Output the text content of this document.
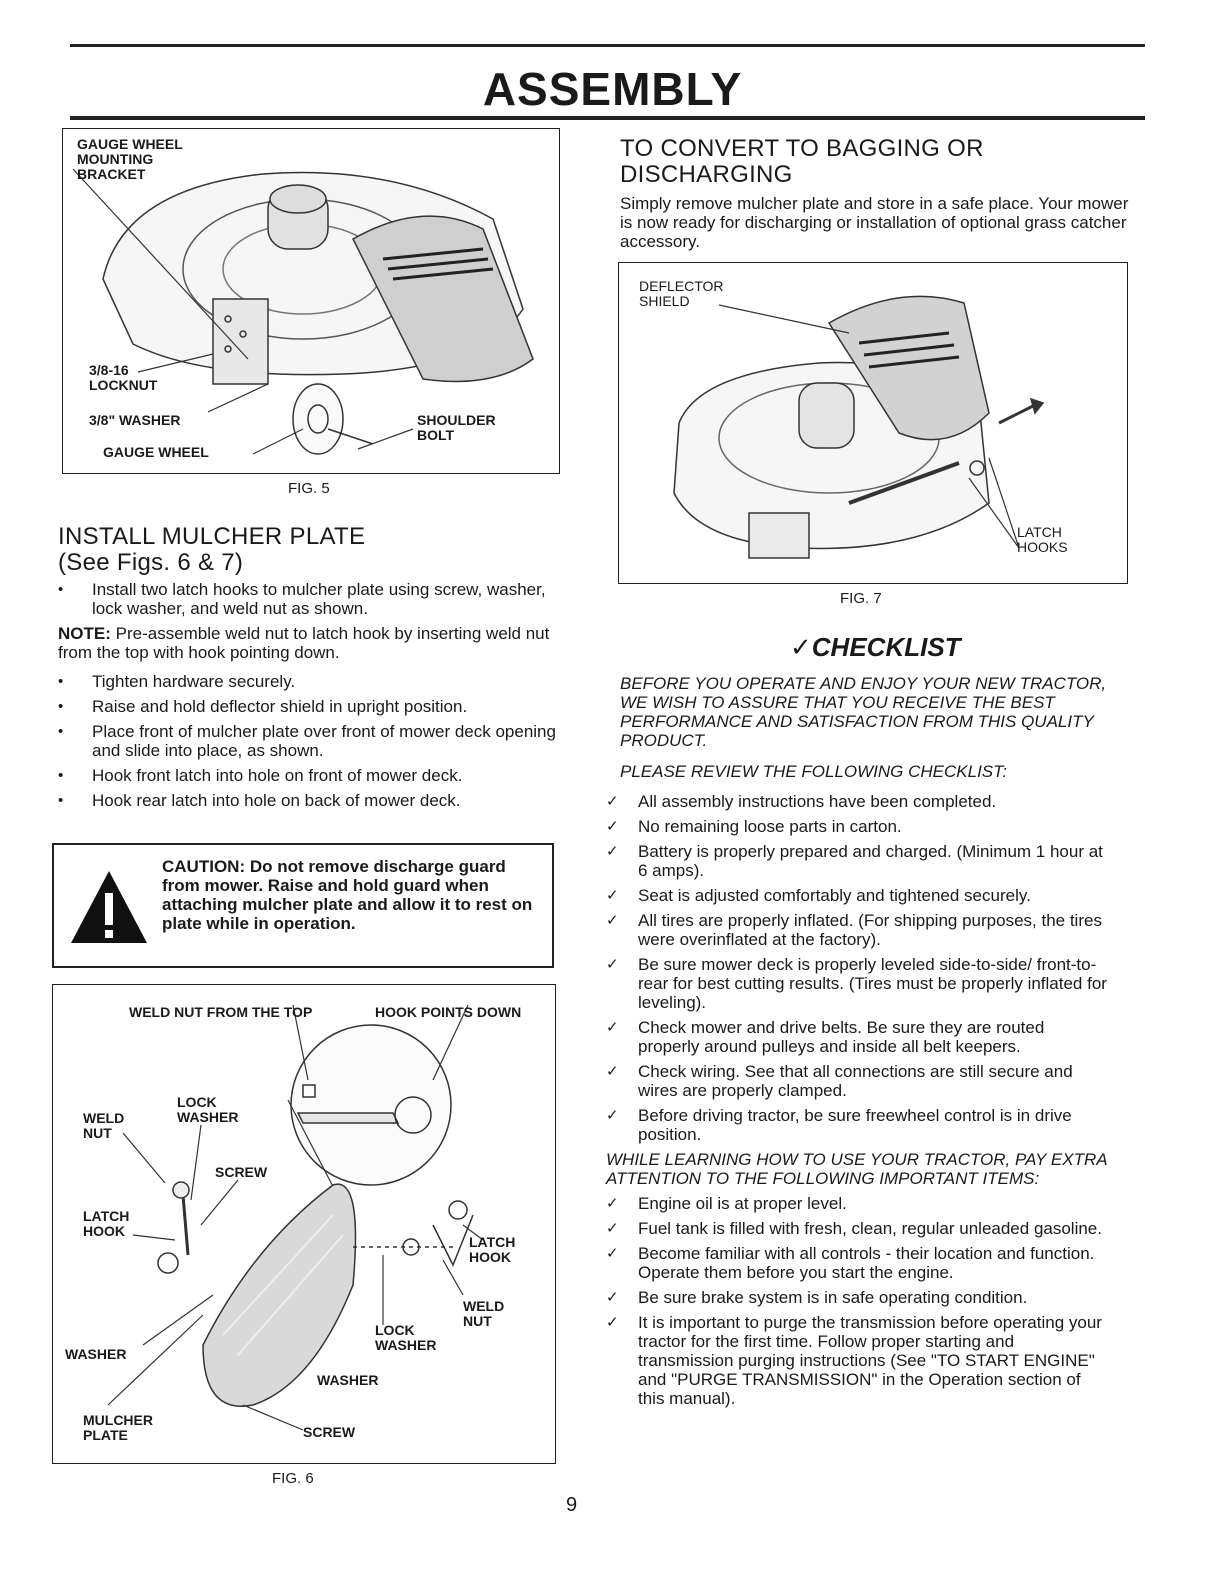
ASSEMBLY
GAUGE WHEEL MOUNTING BRACKET
3/8-16 LOCKNUT
3/8" WASHER
GAUGE WHEEL
SHOULDER BOLT
FIG. 5
INSTALL MULCHER PLATE
(See Figs. 6 & 7)
• Install two latch hooks to mulcher plate using screw, washer, lock washer, and weld nut as shown.
NOTE: Pre-assemble weld nut to latch hook by inserting weld nut from the top with hook pointing down.
• Tighten hardware securely.
• Raise and hold deflector shield in upright position.
• Place front of mulcher plate over front of mower deck opening and slide into place, as shown.
• Hook front latch into hole on front of mower deck.
• Hook rear latch into hole on back of mower deck.
CAUTION: Do not remove discharge guard from mower. Raise and hold guard when attaching mulcher plate and allow it to rest on plate while in operation.
WELD NUT FROM THE TOP	HOOK POINTS DOWN
LOCK WASHER
WELD NUT
SCREW
LATCH HOOK
WASHER
MULCHER PLATE
LATCH HOOK
WELD NUT
LOCK WASHER
WASHER
SCREW
FIG. 6
TO CONVERT TO BAGGING OR
DISCHARGING
Simply remove mulcher plate and store in a safe place. Your mower is now ready for discharging or installation of optional grass catcher accessory.
DEFLECTOR SHIELD
LATCH HOOKS
FIG. 7
✓CHECKLIST
BEFORE YOU OPERATE AND ENJOY YOUR NEW TRACTOR, WE WISH TO ASSURE THAT YOU RECEIVE THE BEST PERFORMANCE AND SATISFACTION FROM THIS QUALITY PRODUCT.
PLEASE REVIEW THE FOLLOWING CHECKLIST:
✓ All assembly instructions have been completed.
✓ No remaining loose parts in carton.
✓ Battery is properly prepared and charged. (Minimum 1 hour at 6 amps).
✓ Seat is adjusted comfortably and tightened securely.
✓ All tires are properly inflated. (For shipping purposes, the tires were overinflated at the factory).
✓ Be sure mower deck is properly leveled side-to-side/ front-to-rear for best cutting results. (Tires must be properly inflated for leveling).
✓ Check mower and drive belts. Be sure they are routed properly around pulleys and inside all belt keepers.
✓ Check wiring. See that all connections are still secure and wires are properly clamped.
✓ Before driving tractor, be sure freewheel control is in drive position.
WHILE LEARNING HOW TO USE YOUR TRACTOR, PAY EXTRA ATTENTION TO THE FOLLOWING IMPORTANT ITEMS:
✓ Engine oil is at proper level.
✓ Fuel tank is filled with fresh, clean, regular unleaded gasoline.
✓ Become familiar with all controls - their location and function. Operate them before you start the engine.
✓ Be sure brake system is in safe operating condition.
✓ It is important to purge the transmission before operating your tractor for the first time. Follow proper starting and transmission purging instructions (See "TO START ENGINE" and "PURGE TRANSMISSION" in the Operation section of this manual).
9
